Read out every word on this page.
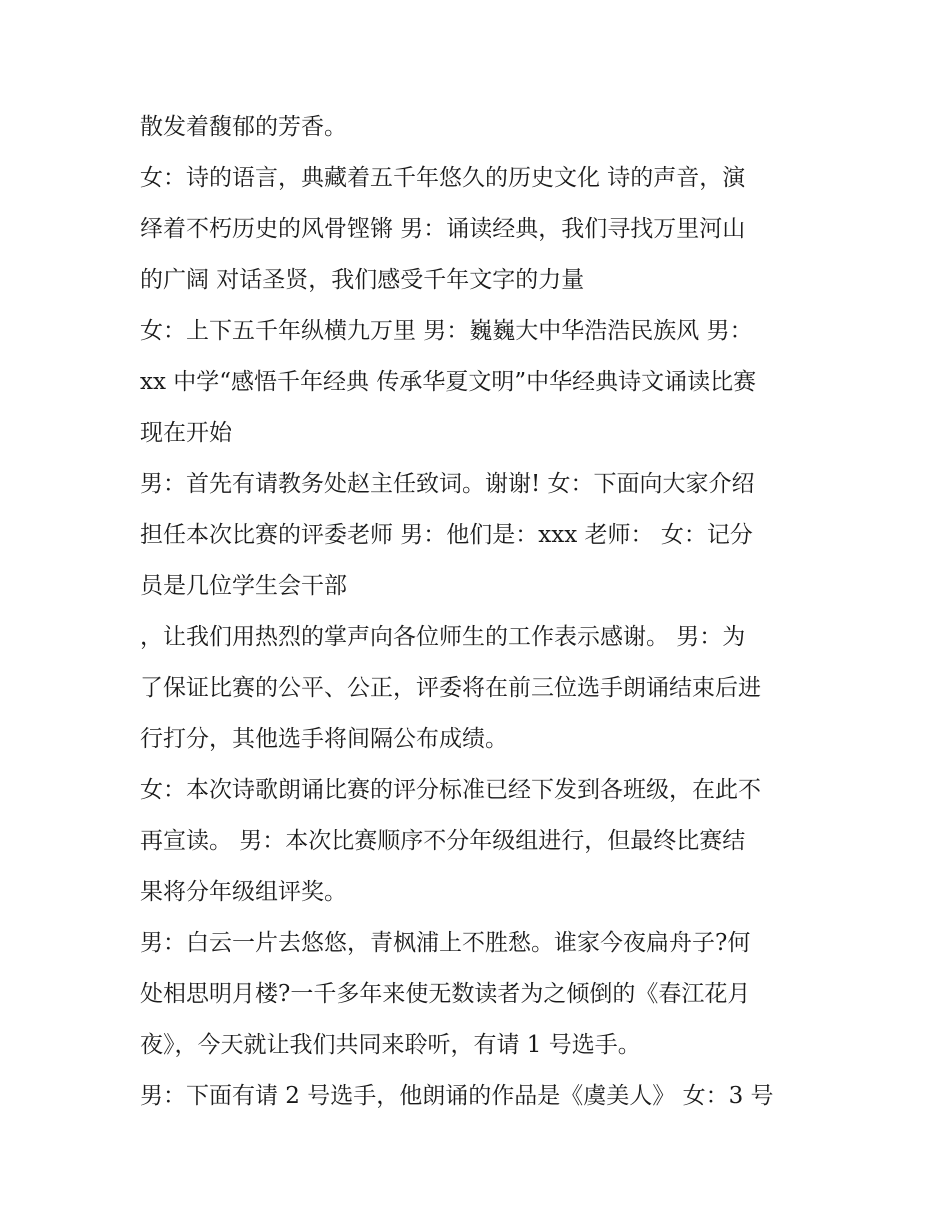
散发着馥郁的芳香。
女：诗的语言，典藏着五千年悠久的历史文化 诗的声音，演
绎着不朽历史的风骨铿锵 男：诵读经典，我们寻找万里河山
的广阔 对话圣贤，我们感受千年文字的力量
女：上下五千年纵横九万里 男：巍巍大中华浩浩民族风 男：
xx 中学“感悟千年经典 传承华夏文明”中华经典诗文诵读比赛
现在开始
男：首先有请教务处赵主任致词。谢谢! 女：下面向大家介绍
担任本次比赛的评委老师 男：他们是：xxx 老师： 女：记分
员是几位学生会干部
，让我们用热烈的掌声向各位师生的工作表示感谢。 男：为
了保证比赛的公平、公正，评委将在前三位选手朗诵结束后进
行打分，其他选手将间隔公布成绩。
女：本次诗歌朗诵比赛的评分标准已经下发到各班级，在此不
再宣读。 男：本次比赛顺序不分年级组进行，但最终比赛结
果将分年级组评奖。
男：白云一片去悠悠，青枫浦上不胜愁。谁家今夜扁舟子?何
处相思明月楼?一千多年来使无数读者为之倾倒的《春江花月
夜》，今天就让我们共同来聆听，有请 1 号选手。
男：下面有请 2 号选手，他朗诵的作品是《虞美人》 女：3 号
